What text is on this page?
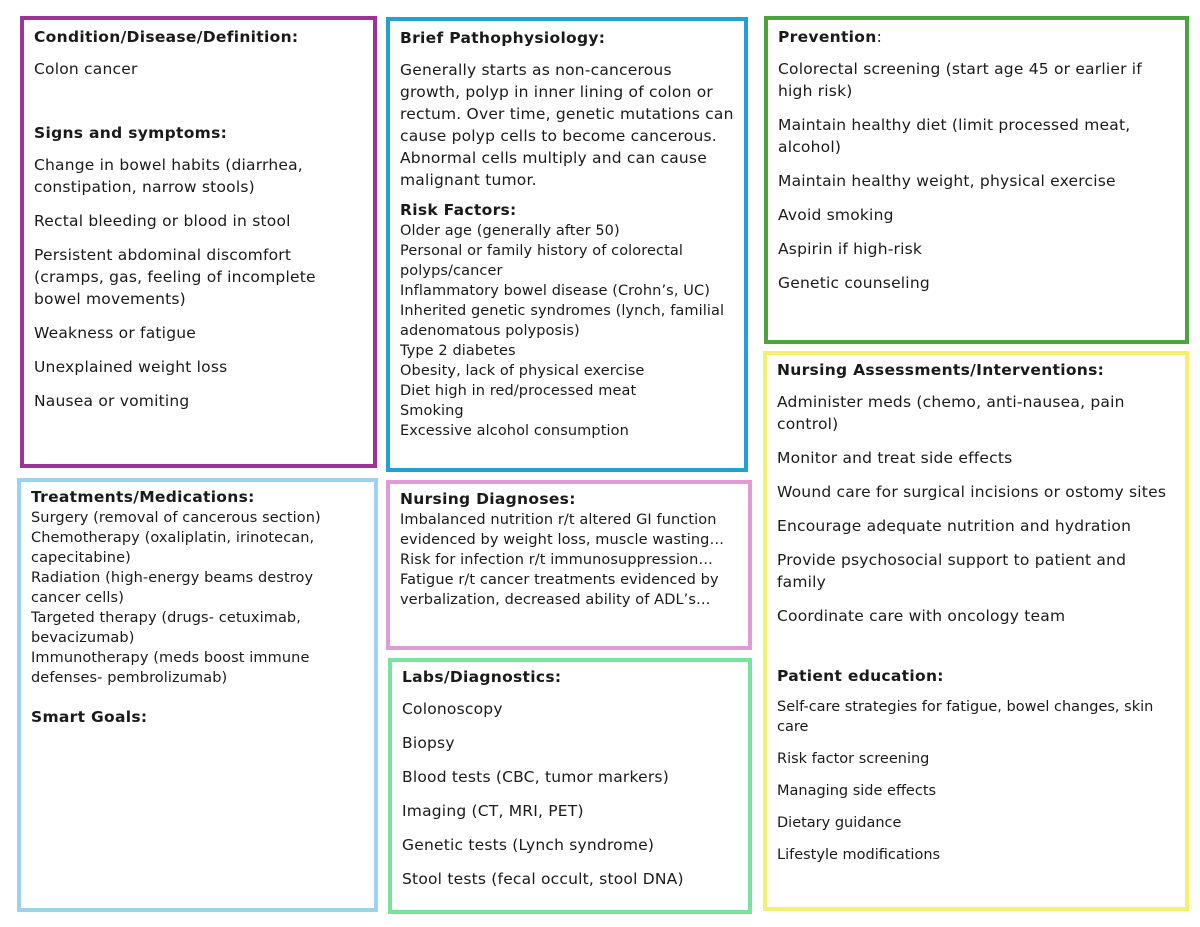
Condition/Disease/Definition:

Colon cancer

Signs and symptoms:

Change in bowel habits (diarrhea, constipation, narrow stools)

Rectal bleeding or blood in stool

Persistent abdominal discomfort (cramps, gas, feeling of incomplete bowel movements)

Weakness or fatigue

Unexplained weight loss

Nausea or vomiting

Brief Pathophysiology:

Generally starts as non-cancerous growth, polyp in inner lining of colon or rectum. Over time, genetic mutations can cause polyp cells to become cancerous. Abnormal cells multiply and can cause malignant tumor.

Risk Factors:

Older age (generally after 50)

Personal or family history of colorectal polyps/cancer

Inflammatory bowel disease (Crohn’s, UC)

Inherited genetic syndromes (lynch, familial adenomatous polyposis)

Type 2 diabetes

Obesity, lack of physical exercise

Diet high in red/processed meat

Smoking

Excessive alcohol consumption

Prevention:

Colorectal screening (start age 45 or earlier if high risk)

Maintain healthy diet (limit processed meat, alcohol)

Maintain healthy weight, physical exercise

Avoid smoking

Aspirin if high-risk

Genetic counseling

Treatments/Medications:

Surgery (removal of cancerous section)

Chemotherapy (oxaliplatin, irinotecan, capecitabine)

Radiation (high-energy beams destroy cancer cells)

Targeted therapy (drugs- cetuximab, bevacizumab)

Immunotherapy (meds boost immune defenses- pembrolizumab)

Smart Goals:
Nursing Diagnoses:

Imbalanced nutrition r/t altered GI function evidenced by weight loss, muscle wasting…

Risk for infection r/t immunosuppression…

Fatigue r/t cancer treatments evidenced by verbalization, decreased ability of ADL’s…

Labs/Diagnostics:

Colonoscopy

Biopsy

Blood tests (CBC, tumor markers)

Imaging (CT, MRI, PET)

Genetic tests (Lynch syndrome)

Stool tests (fecal occult, stool DNA)

Nursing Assessments/Interventions:

Administer meds (chemo, anti-nausea, pain control)

Monitor and treat side effects

Wound care for surgical incisions or ostomy sites

Encourage adequate nutrition and hydration

Provide psychosocial support to patient and family

Coordinate care with oncology team

Patient education:

Self-care strategies for fatigue, bowel changes, skin care

Risk factor screening

Managing side effects

Dietary guidance

Lifestyle modifications
